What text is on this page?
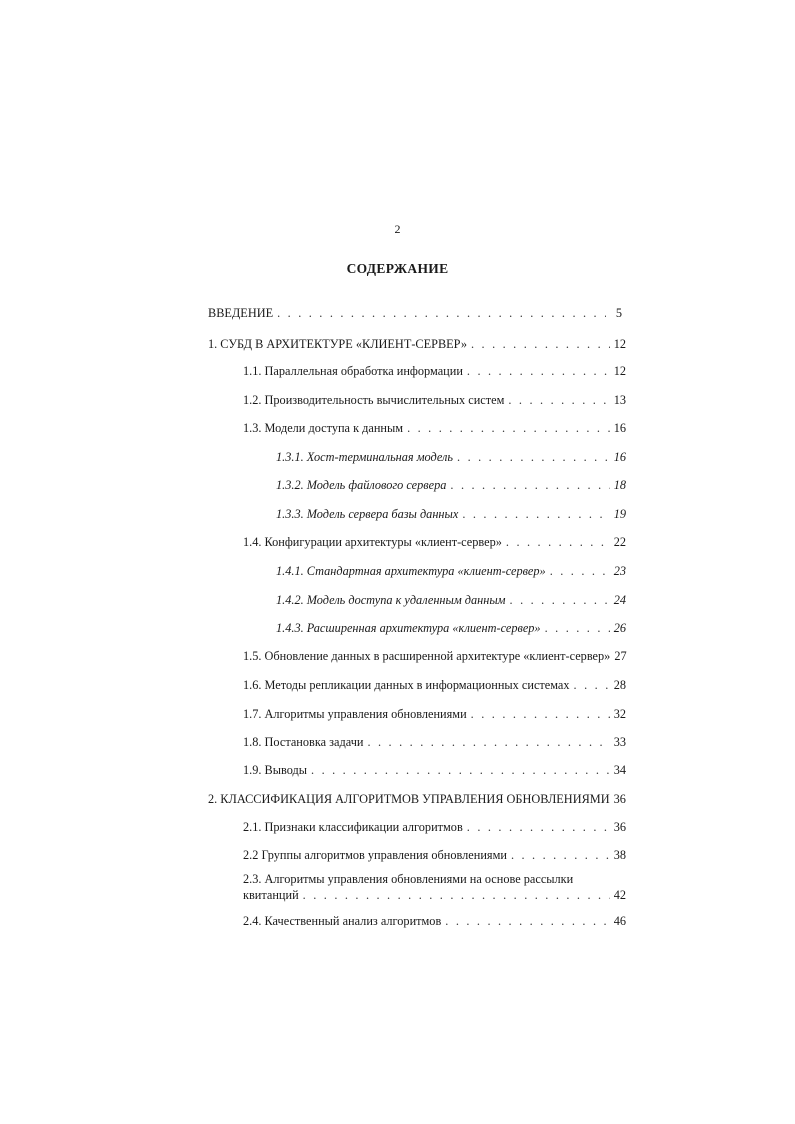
2
СОДЕРЖАНИЕ
ВВЕДЕНИЕ . . .	5
1. СУБД В АРХИТЕКТУРЕ «КЛИЕНТ-СЕРВЕР» . . .	12
1.1. Параллельная обработка информации . . .	12
1.2. Производительность вычислительных систем . . .	13
1.3. Модели доступа к данным . . .	16
1.3.1. Хост-терминальная модель . . .	16
1.3.2. Модель файлового сервера . . .	18
1.3.3. Модель сервера базы данных . . .	19
1.4. Конфигурации архитектуры «клиент-сервер» . . .	22
1.4.1. Стандартная архитектура «клиент-сервер» . . .	23
1.4.2. Модель доступа к удаленным данным . . .	24
1.4.3. Расширенная архитектура «клиент-сервер» . . .	26
1.5. Обновление данных в расширенной архитектуре «клиент-сервер» 27
1.6. Методы репликации данных в информационных системах . . .	28
1.7. Алгоритмы управления обновлениями . . .	32
1.8. Постановка задачи . . .	33
1.9. Выводы . . .	34
2. КЛАССИФИКАЦИЯ АЛГОРИТМОВ УПРАВЛЕНИЯ ОБНОВЛЕНИЯМИ 36
2.1. Признаки классификации алгоритмов . . .	36
2.2 Группы алгоритмов управления обновлениями . . .	38
2.3. Алгоритмы управления обновлениями на основе рассылки
квитанций . . .	42
2.4. Качественный анализ алгоритмов . . .	46
